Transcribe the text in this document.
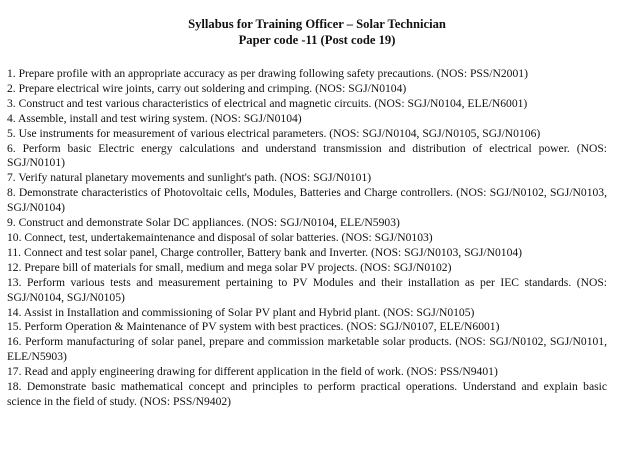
Syllabus for Training Officer – Solar Technician
Paper code -11 (Post code 19)
1. Prepare profile with an appropriate accuracy as per drawing following safety precautions. (NOS: PSS/N2001)
2. Prepare electrical wire joints, carry out soldering and crimping. (NOS: SGJ/N0104)
3. Construct and test various characteristics of electrical and magnetic circuits. (NOS: SGJ/N0104, ELE/N6001)
4. Assemble, install and test wiring system. (NOS: SGJ/N0104)
5. Use instruments for measurement of various electrical parameters. (NOS: SGJ/N0104, SGJ/N0105, SGJ/N0106)
6. Perform basic Electric energy calculations and understand transmission and distribution of electrical power. (NOS: SGJ/N0101)
7. Verify natural planetary movements and sunlight's path. (NOS: SGJ/N0101)
8. Demonstrate characteristics of Photovoltaic cells, Modules, Batteries and Charge controllers. (NOS: SGJ/N0102, SGJ/N0103, SGJ/N0104)
9. Construct and demonstrate Solar DC appliances. (NOS: SGJ/N0104, ELE/N5903)
10. Connect, test, undertakemaintenance and disposal of solar batteries. (NOS: SGJ/N0103)
11. Connect and test solar panel, Charge controller, Battery bank and Inverter. (NOS: SGJ/N0103, SGJ/N0104)
12. Prepare bill of materials for small, medium and mega solar PV projects. (NOS: SGJ/N0102)
13. Perform various tests and measurement pertaining to PV Modules and their installation as per IEC standards. (NOS: SGJ/N0104, SGJ/N0105)
14. Assist in Installation and commissioning of Solar PV plant and Hybrid plant. (NOS: SGJ/N0105)
15. Perform Operation & Maintenance of PV system with best practices. (NOS: SGJ/N0107, ELE/N6001)
16. Perform manufacturing of solar panel, prepare and commission marketable solar products. (NOS: SGJ/N0102, SGJ/N0101, ELE/N5903)
17. Read and apply engineering drawing for different application in the field of work. (NOS: PSS/N9401)
18. Demonstrate basic mathematical concept and principles to perform practical operations. Understand and explain basic science in the field of study. (NOS: PSS/N9402)
